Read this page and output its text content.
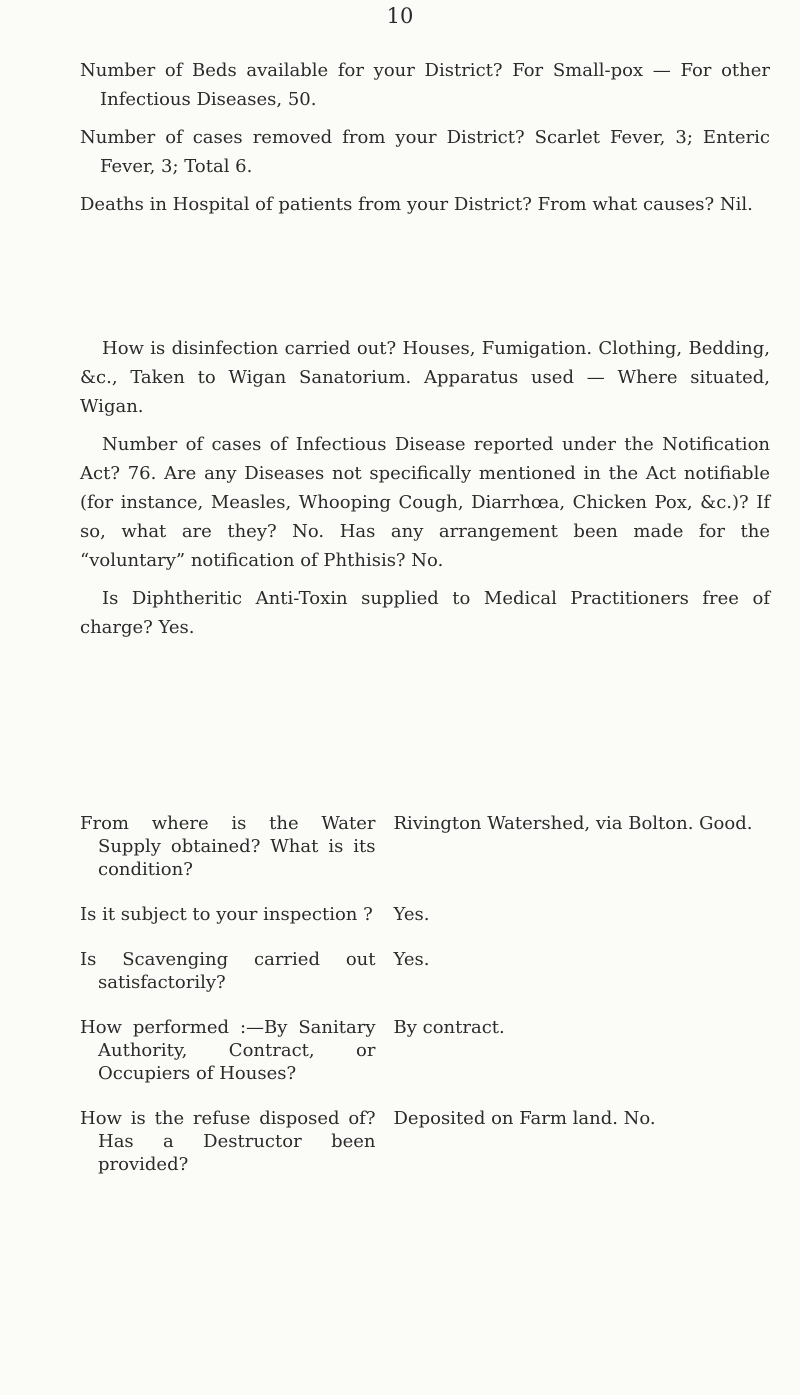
10

Number of Beds available for your District? For Small-pox — For other Infectious Diseases, 50.

Number of cases removed from your District? Scarlet Fever, 3; Enteric Fever, 3; Total 6.

Deaths in Hospital of patients from your District? From what causes? Nil.

How is disinfection carried out? Houses, Fumigation. Clothing, Bedding, &c., Taken to Wigan Sanatorium. Apparatus used — Where situated, Wigan.

Number of cases of Infectious Disease reported under the Notification Act? 76. Are any Diseases not specifically mentioned in the Act notifiable (for instance, Measles, Whooping Cough, Diarrhœa, Chicken Pox, &c.)? If so, what are they? No. Has any arrangement been made for the “voluntary” notification of Phthisis? No.

Is Diphtheritic Anti-Toxin supplied to Medical Practitioners free of charge? Yes.

From where is the Water Supply obtained? What is its condition?
Rivington Watershed, via Bolton. Good.
Is it subject to your inspection ? Yes.
Is Scavenging carried out satisfactorily?
Yes.
How performed :—By Sanitary Authority, Contract, or Occupiers of Houses?
By contract.
How is the refuse disposed of? Has a Destructor been provided?
Deposited on Farm land. No.
